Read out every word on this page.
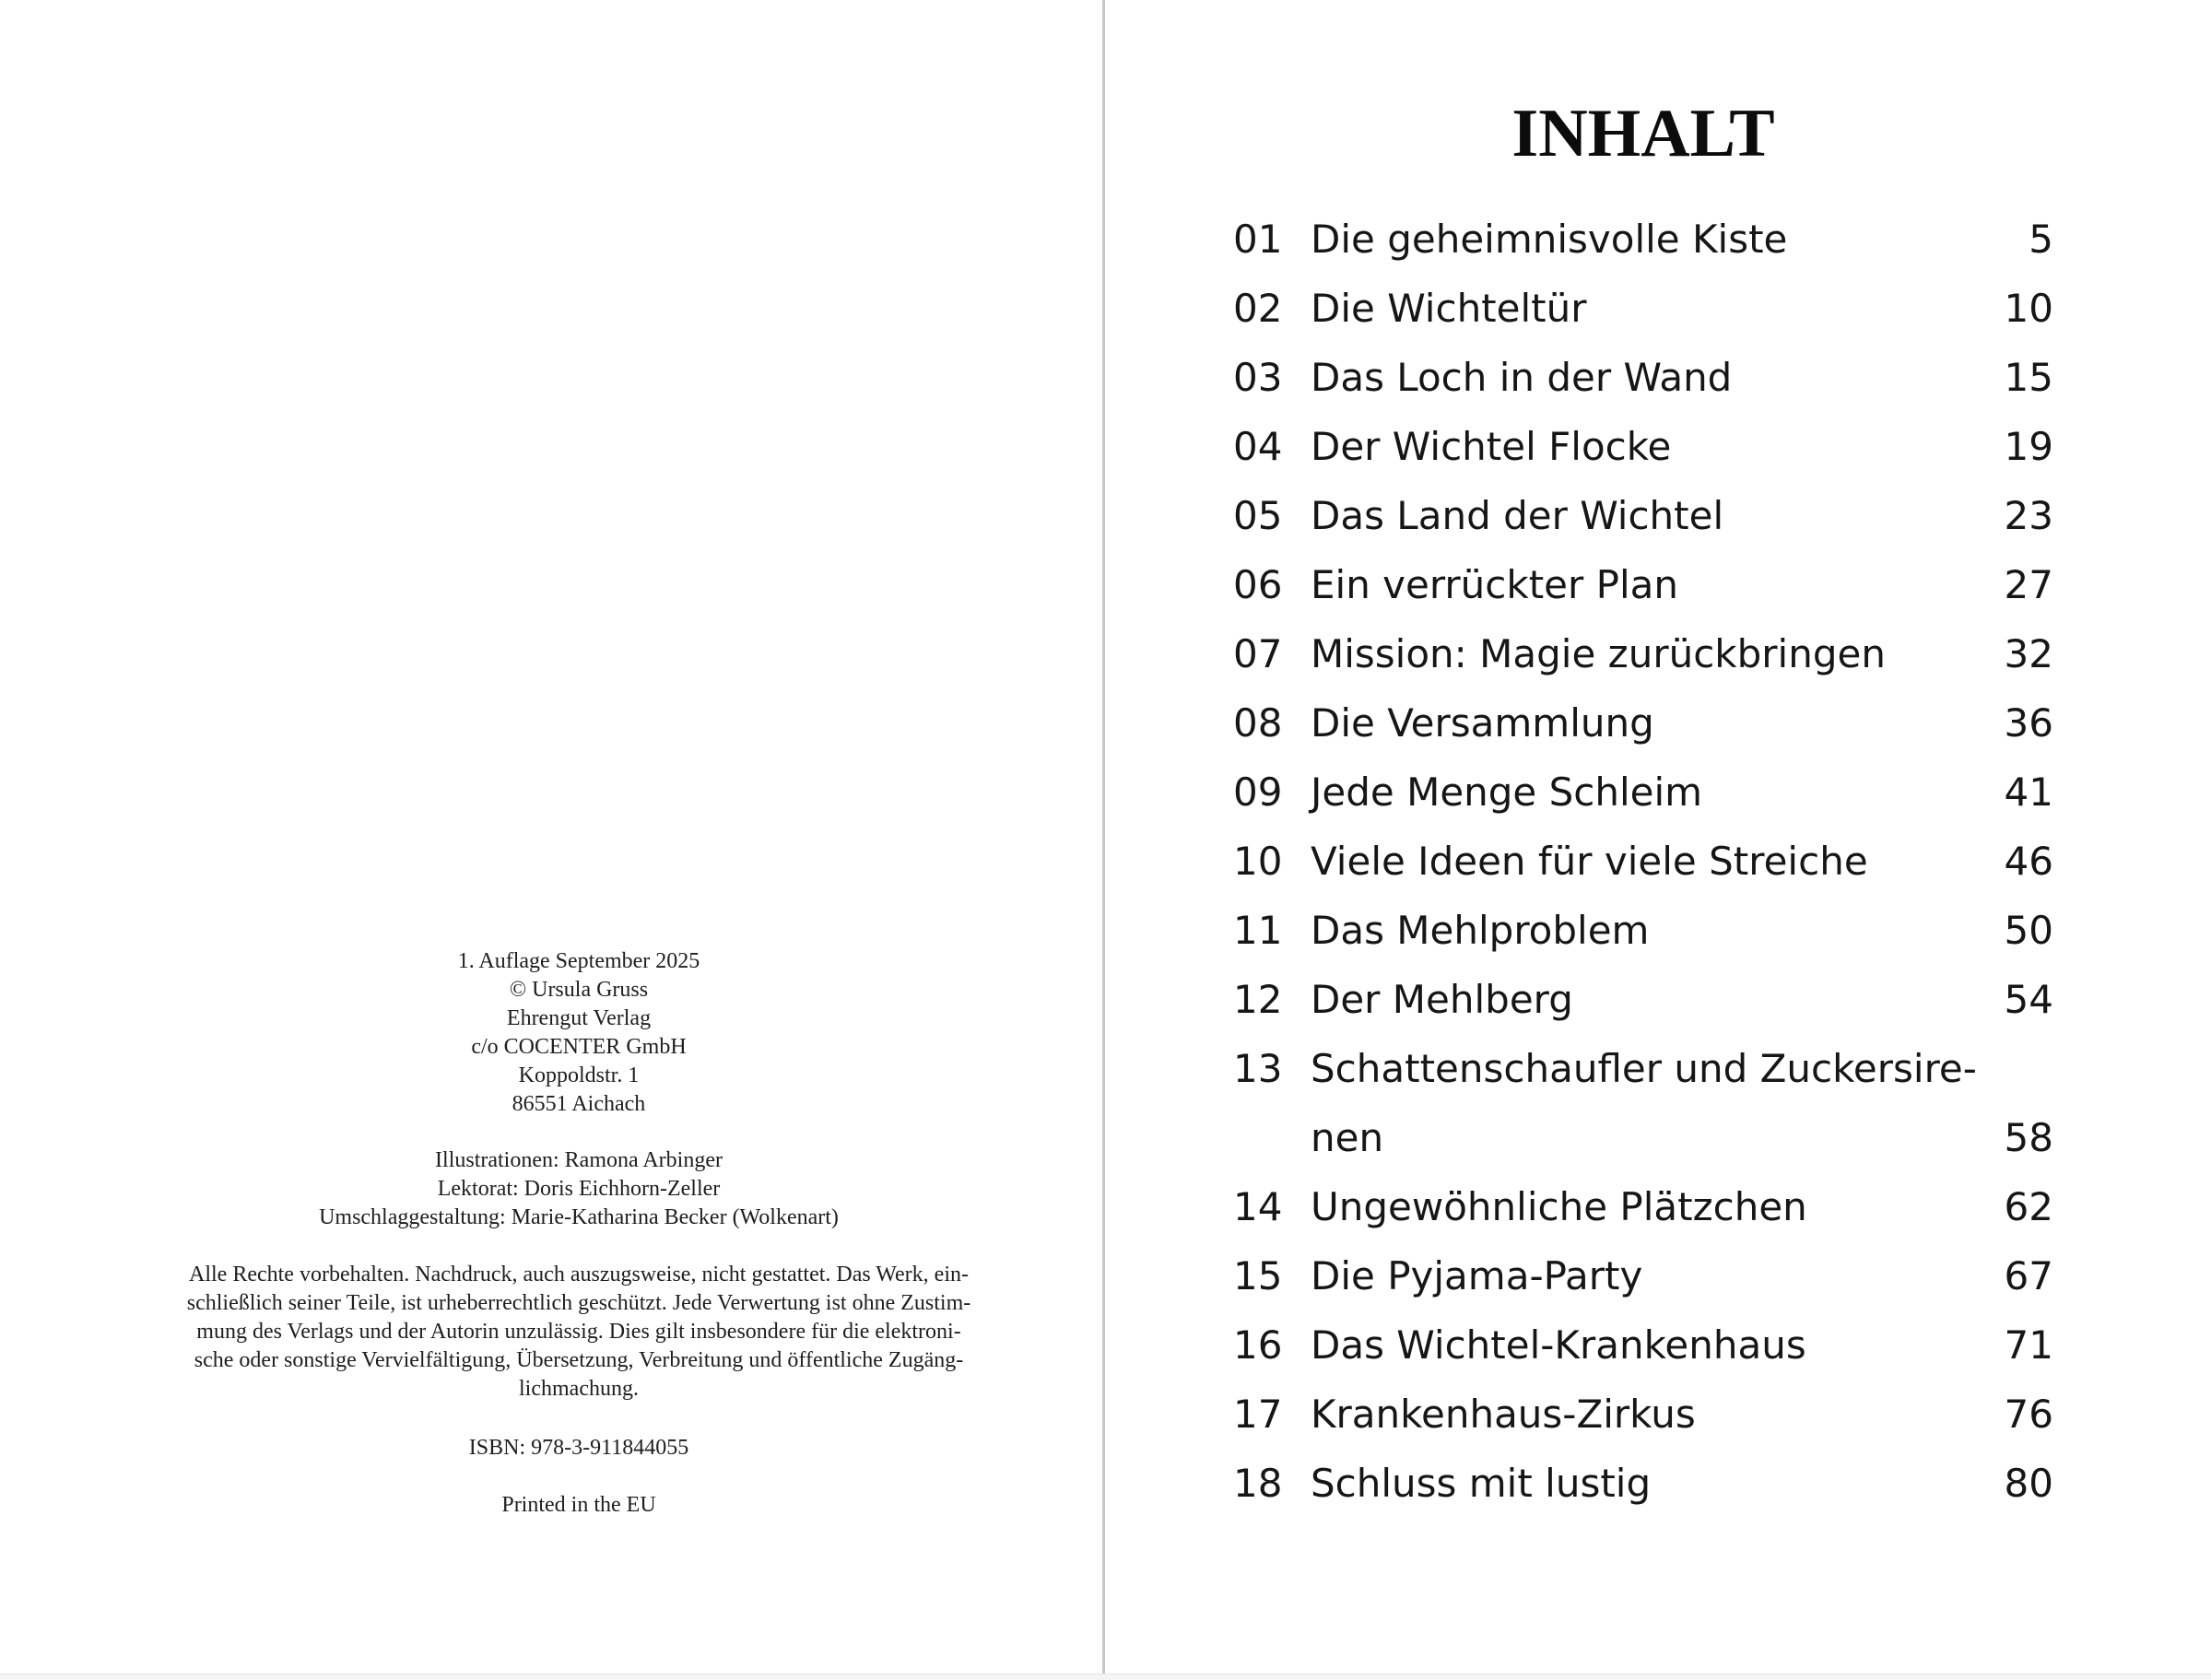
1. Auflage September 2025
© Ursula Gruss
Ehrengut Verlag
c/o COCENTER GmbH
Koppoldstr. 1
86551 Aichach
Illustrationen: Ramona Arbinger
Lektorat: Doris Eichhorn-Zeller
Umschlaggestaltung: Marie-Katharina Becker (Wolkenart)
Alle Rechte vorbehalten. Nachdruck, auch auszugsweise, nicht gestattet. Das Werk, ein-
schließlich seiner Teile, ist urheberrechtlich geschützt. Jede Verwertung ist ohne Zustim-
mung des Verlags und der Autorin unzulässig. Dies gilt insbesondere für die elektroni-
sche oder sonstige Vervielfältigung, Übersetzung, Verbreitung und öffentliche Zugäng-
lichmachung.
ISBN: 978-3-911844055
Printed in the EU
INHALT
01 Die geheimnisvolle Kiste	5
02 Die Wichteltür	10
03 Das Loch in der Wand	15
04 Der Wichtel Flocke	19
05 Das Land der Wichtel	23
06 Ein verrückter Plan	27
07 Mission: Magie zurückbringen	32
08 Die Versammlung	36
09 Jede Menge Schleim	41
10 Viele Ideen für viele Streiche	46
11 Das Mehlproblem	50
12 Der Mehlberg	54
13 Schattenschaufler und Zuckersire-
nen	58
14 Ungewöhnliche Plätzchen	62
15 Die Pyjama-Party	67
16 Das Wichtel-Krankenhaus	71
17 Krankenhaus-Zirkus	76
18 Schluss mit lustig	80
